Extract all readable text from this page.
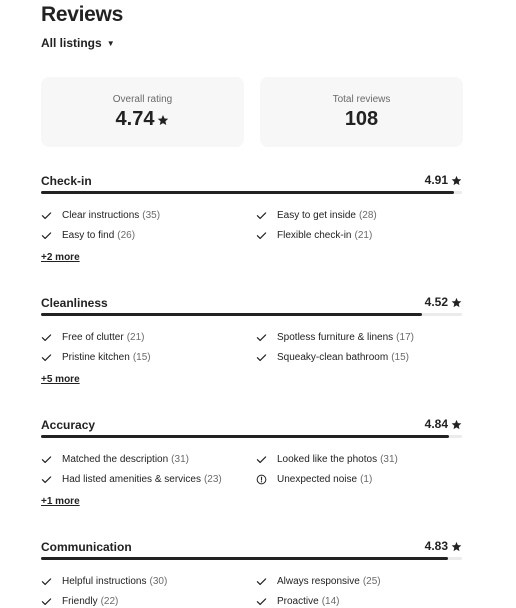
Reviews
All listings ▼
Overall rating
4.74
Total reviews
108
Check-in	4.91
Clear instructions (35)	Easy to get inside (28)
Easy to find (26)	Flexible check-in (21)
+2 more
Cleanliness	4.52
Free of clutter (21)	Spotless furniture & linens (17)
Pristine kitchen (15)	Squeaky-clean bathroom (15)
+5 more
Accuracy	4.84
Matched the description (31)	Looked like the photos (31)
Had listed amenities & services (23)	Unexpected noise (1)
+1 more
Communication	4.83
Helpful instructions (30)	Always responsive (25)
Friendly (22)	Proactive (14)
